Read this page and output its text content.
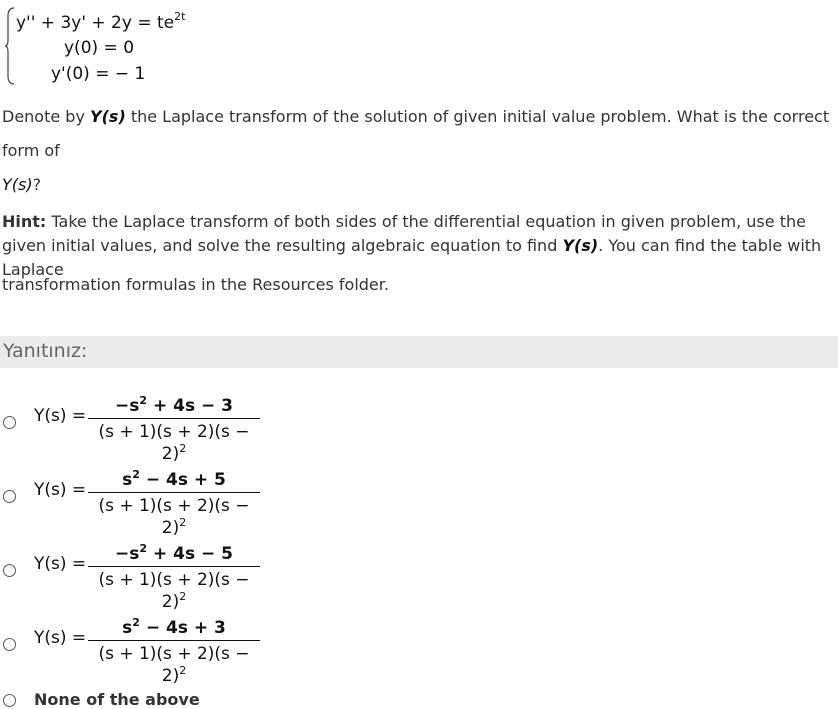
$y'' + 3y' + 2y = te^{2t}$
y(0) = 0
y'(0) = − 1
Denote by Y(s) the Laplace transform of the solution of given initial value problem. What is the correct form of
Y(s)?
Hint: Take the Laplace transform of both sides of the differential equation in given problem, use the given initial values, and solve the resulting algebraic equation to find Y(s). You can find the table with Laplace
transformation formulas in the Resources folder.
Yanıtınız:
Y(s) =	$-s^2 + 4s - 3$
$(s + 1)(s + 2)(s - 2)^2$
Y(s) =	$s^2 - 4s + 5$
$(s + 1)(s + 2)(s - 2)^2$
Y(s) =	$-s^2 + 4s - 5$
$(s + 1)(s + 2)(s - 2)^2$
Y(s) =	$s^2 - 4s + 3$
$(s + 1)(s + 2)(s - 2)^2$
None of the above
